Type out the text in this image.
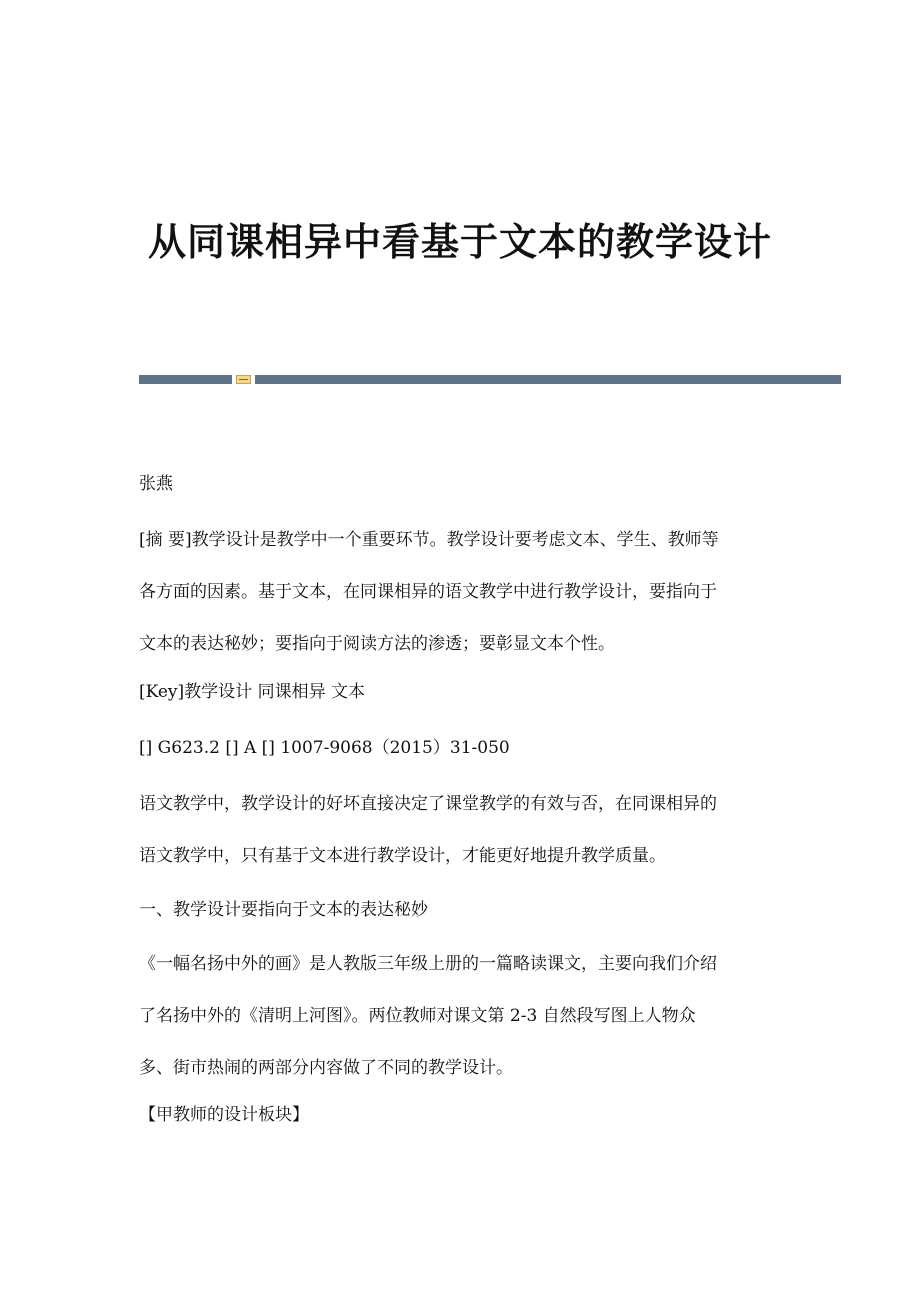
从同课相异中看基于文本的教学设计
张燕
[摘 要]教学设计是教学中一个重要环节。教学设计要考虑文本、学生、教师等
各方面的因素。基于文本，在同课相异的语文教学中进行教学设计，要指向于
文本的表达秘妙；要指向于阅读方法的渗透；要彰显文本个性。
[Key]教学设计 同课相异 文本
[] G623.2 [] A [] 1007-9068（2015）31-050
语文教学中，教学设计的好坏直接决定了课堂教学的有效与否，在同课相异的
语文教学中，只有基于文本进行教学设计，才能更好地提升教学质量。
一、教学设计要指向于文本的表达秘妙
《一幅名扬中外的画》是人教版三年级上册的一篇略读课文，主要向我们介绍
了名扬中外的《清明上河图》。两位教师对课文第 2-3 自然段写图上人物众
多、街市热闹的两部分内容做了不同的教学设计。
【甲教师的设计板块】
